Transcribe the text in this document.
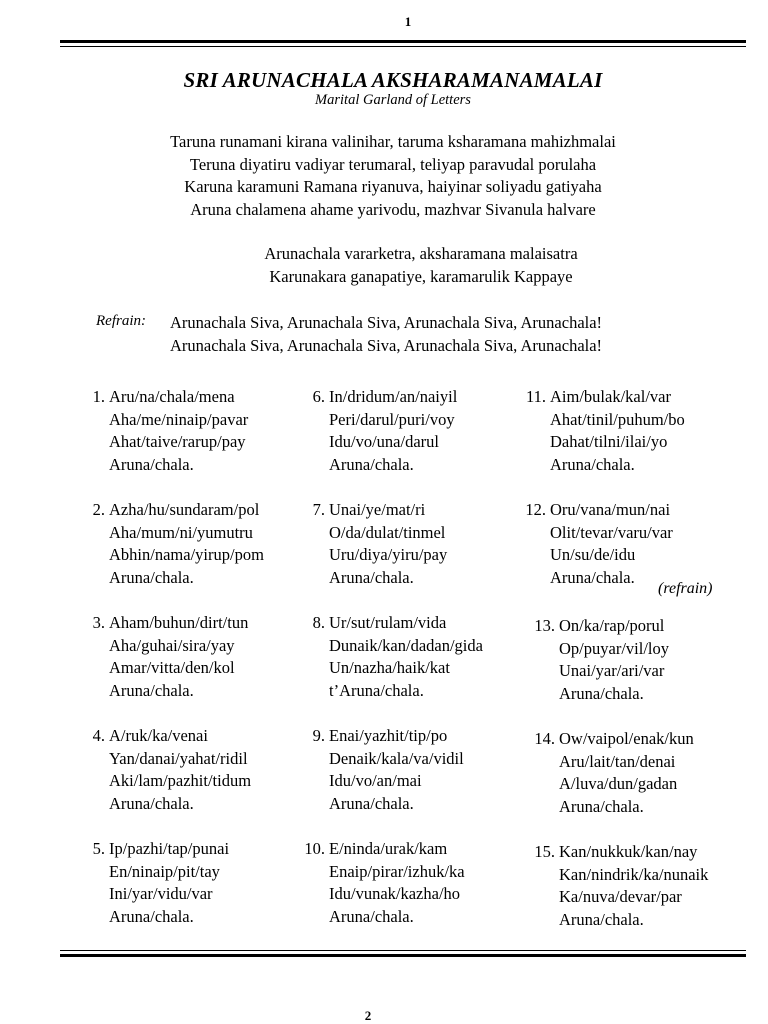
1
SRI ARUNACHALA AKSHARAMANAMALAI
Marital Garland of Letters
Taruna runamani kirana valinihar, taruma ksharamana mahizhmalai
Teruna diyatiru vadiyar terumaral, teliyap paravudal porulaha
Karuna karamuni Ramana riyanuva, haiyinar soliyadu gatiyaha
Aruna chalamena ahame yarivodu, mazhvar Sivanula halvare
Arunachala vararketra, aksharamana malaisatra
Karunakara ganapatiye, karamarulik Kappaye
Refrain: Arunachala Siva, Arunachala Siva, Arunachala Siva, Arunachala!
Arunachala Siva, Arunachala Siva, Arunachala Siva, Arunachala!
1. Aru/na/chala/mena
Aha/me/ninaip/pavar
Ahat/taive/rarup/pay
Aruna/chala.
2. Azha/hu/sundaram/pol
Aha/mum/ni/yumutru
Abhin/nama/yirup/pom
Aruna/chala.
3. Aham/buhun/dirt/tun
Aha/guhai/sira/yay
Amar/vitta/den/kol
Aruna/chala.
4. A/ruk/ka/venai
Yan/danai/yahat/ridil
Aki/lam/pazhit/tidum
Aruna/chala.
5. Ip/pazhi/tap/punai
En/ninaip/pit/tay
Ini/yar/vidu/var
Aruna/chala.
6. In/dridum/an/naiyil
Peri/darul/puri/voy
Idu/vo/una/darul
Aruna/chala.
7. Unai/ye/mat/ri
O/da/dulat/tinmel
Uru/diya/yiru/pay
Aruna/chala.
8. Ur/sut/rulam/vida
Dunaik/kan/dadan/gida
Un/nazha/haik/kat
t’Aruna/chala.
9. Enai/yazhit/tip/po
Denaik/kala/va/vidil
Idu/vo/an/mai
Aruna/chala.
10. E/ninda/urak/kam
Enaip/pirar/izhuk/ka
Idu/vunak/kazha/ho
Aruna/chala.
11. Aim/bulak/kal/var
Ahat/tinil/puhum/bo
Dahat/tilni/ilai/yo
Aruna/chala.
12. Oru/vana/mun/nai
Olit/tevar/varu/var
Un/su/de/idu
Aruna/chala.
13. On/ka/rap/porul
Op/puyar/vil/loy
Unai/yar/ari/var
Aruna/chala.
14. Ow/vaipol/enak/kun
Aru/lait/tan/denai
A/luva/dun/gadan
Aruna/chala.
15. Kan/nukkuk/kan/nay
Kan/nindrik/ka/nunaik
Ka/nuva/devar/par
Aruna/chala.
(refrain)
2
